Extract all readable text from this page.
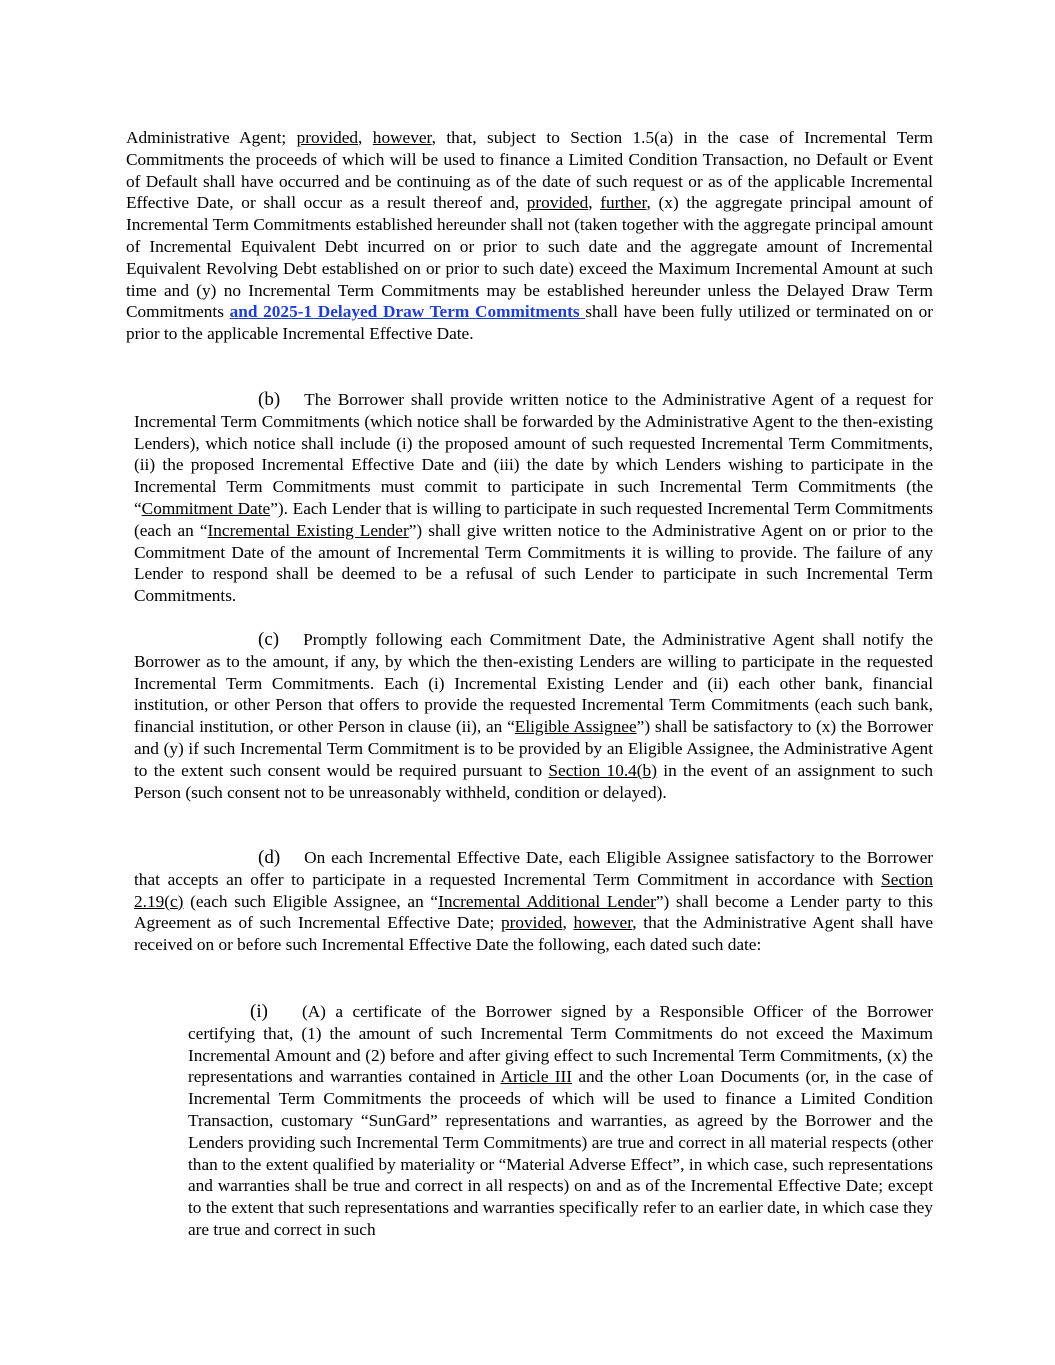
Administrative Agent; provided, however, that, subject to Section 1.5(a) in the case of Incremental Term Commitments the proceeds of which will be used to finance a Limited Condition Transaction, no Default or Event of Default shall have occurred and be continuing as of the date of such request or as of the applicable Incremental Effective Date, or shall occur as a result thereof and, provided, further, (x) the aggregate principal amount of Incremental Term Commitments established hereunder shall not (taken together with the aggregate principal amount of Incremental Equivalent Debt incurred on or prior to such date and the aggregate amount of Incremental Equivalent Revolving Debt established on or prior to such date) exceed the Maximum Incremental Amount at such time and (y) no Incremental Term Commitments may be established hereunder unless the Delayed Draw Term Commitments and 2025-1 Delayed Draw Term Commitments shall have been fully utilized or terminated on or prior to the applicable Incremental Effective Date.

(b) The Borrower shall provide written notice to the Administrative Agent of a request for Incremental Term Commitments (which notice shall be forwarded by the Administrative Agent to the then-existing Lenders), which notice shall include (i) the proposed amount of such requested Incremental Term Commitments, (ii) the proposed Incremental Effective Date and (iii) the date by which Lenders wishing to participate in the Incremental Term Commitments must commit to participate in such Incremental Term Commitments (the “Commitment Date”). Each Lender that is willing to participate in such requested Incremental Term Commitments (each an “Incremental Existing Lender”) shall give written notice to the Administrative Agent on or prior to the Commitment Date of the amount of Incremental Term Commitments it is willing to provide. The failure of any Lender to respond shall be deemed to be a refusal of such Lender to participate in such Incremental Term Commitments.

(c) Promptly following each Commitment Date, the Administrative Agent shall notify the Borrower as to the amount, if any, by which the then-existing Lenders are willing to participate in the requested Incremental Term Commitments. Each (i) Incremental Existing Lender and (ii) each other bank, financial institution, or other Person that offers to provide the requested Incremental Term Commitments (each such bank, financial institution, or other Person in clause (ii), an “Eligible Assignee”) shall be satisfactory to (x) the Borrower and (y) if such Incremental Term Commitment is to be provided by an Eligible Assignee, the Administrative Agent to the extent such consent would be required pursuant to Section 10.4(b) in the event of an assignment to such Person (such consent not to be unreasonably withheld, condition or delayed).

(d) On each Incremental Effective Date, each Eligible Assignee satisfactory to the Borrower that accepts an offer to participate in a requested Incremental Term Commitment in accordance with Section 2.19(c) (each such Eligible Assignee, an “Incremental Additional Lender”) shall become a Lender party to this Agreement as of such Incremental Effective Date; provided, however, that the Administrative Agent shall have received on or before such Incremental Effective Date the following, each dated such date:

(i) (A) a certificate of the Borrower signed by a Responsible Officer of the Borrower certifying that, (1) the amount of such Incremental Term Commitments do not exceed the Maximum Incremental Amount and (2) before and after giving effect to such Incremental Term Commitments, (x) the representations and warranties contained in Article III and the other Loan Documents (or, in the case of Incremental Term Commitments the proceeds of which will be used to finance a Limited Condition Transaction, customary “SunGard” representations and warranties, as agreed by the Borrower and the Lenders providing such Incremental Term Commitments) are true and correct in all material respects (other than to the extent qualified by materiality or “Material Adverse Effect”, in which case, such representations and warranties shall be true and correct in all respects) on and as of the Incremental Effective Date; except to the extent that such representations and warranties specifically refer to an earlier date, in which case they are true and correct in such
